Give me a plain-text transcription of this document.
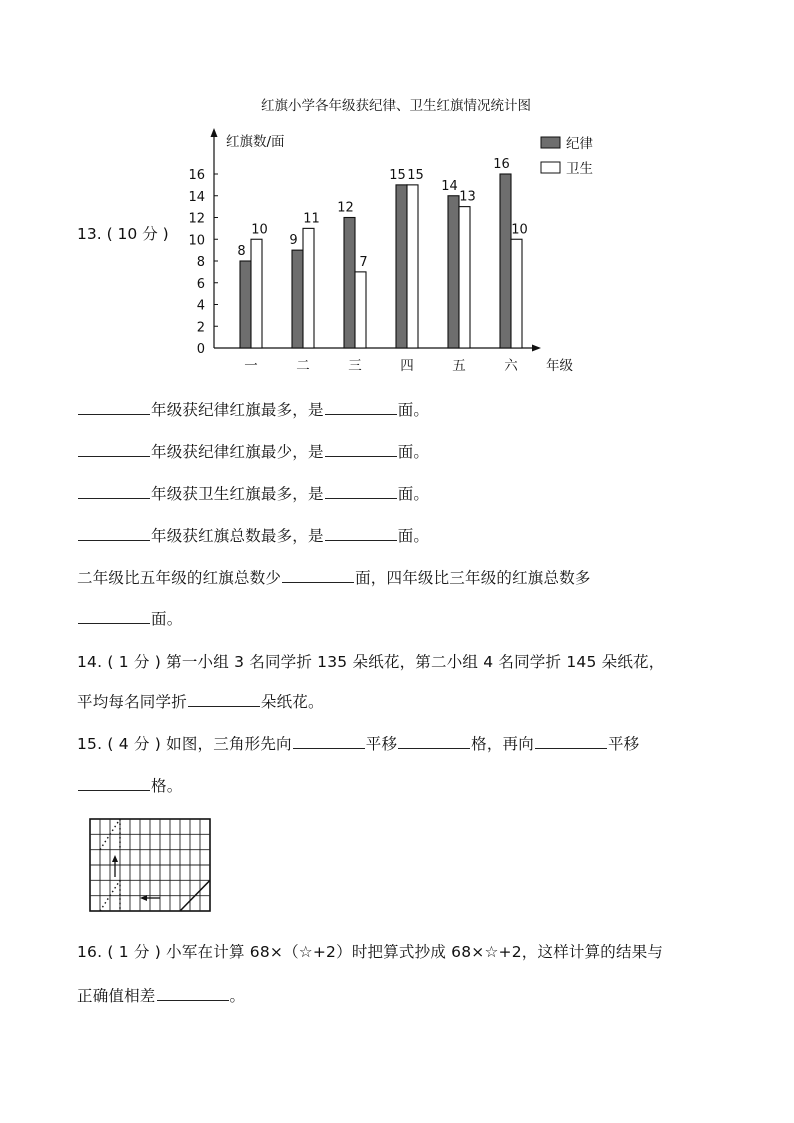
红旗小学各年级获纪律、卫生红旗情况统计图
红旗数/面
年级
纪律
卫生
0
2
4
6
8
10
12
14
16
8
10
一
9
11
二
12
7
三
15 15
四
14
13
五
16
10
六
13. ( 10 分 )
年级获纪律红旗最多，是	面。
年级获纪律红旗最少，是	面。
年级获卫生红旗最多，是	面。
年级获红旗总数最多，是	面。
二年级比五年级的红旗总数少	面，四年级比三年级的红旗总数多
面。
14. ( 1 分 ) 第一小组 3 名同学折 135 朵纸花，第二小组 4 名同学折 145 朵纸花，
平均每名同学折	朵纸花。
15. ( 4 分 ) 如图，三角形先向	平移	格，再向	平移
格。
16. ( 1 分 ) 小军在计算 68×（☆+2）时把算式抄成 68×☆+2，这样计算的结果与
正确值相差	。
